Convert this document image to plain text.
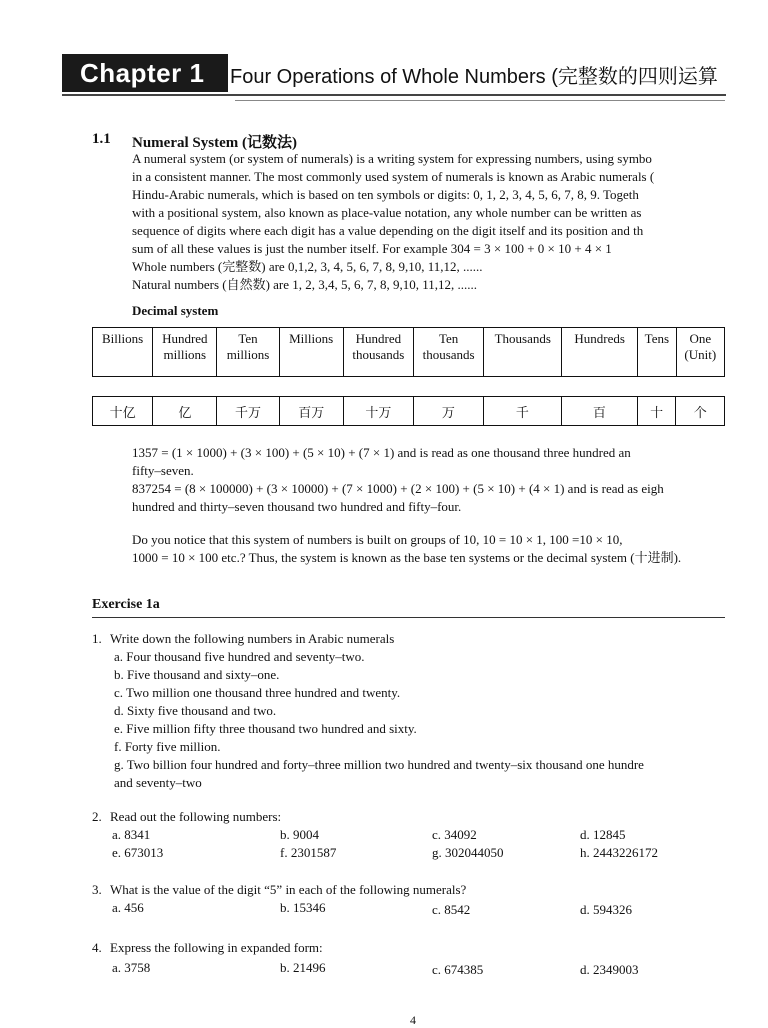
Chapter 1	Four Operations of Whole Numbers (完整数的四则运算
1.1 Numeral System (记数法)
A numeral system (or system of numerals) is a writing system for expressing numbers, using symbo
in a consistent manner. The most commonly used system of numerals is known as Arabic numerals (
Hindu-Arabic numerals, which is based on ten symbols or digits: 0, 1, 2, 3, 4, 5, 6, 7, 8, 9. Togeth
with a positional system, also known as place-value notation, any whole number can be written as
sequence of digits where each digit has a value depending on the digit itself and its position and th
sum of all these values is just the number itself. For example 304 = 3 × 100 + 0 × 10 + 4 × 1
Whole numbers (完整数) are 0,1,2, 3, 4, 5, 6, 7, 8, 9,10, 11,12, ......
Natural numbers (自然数) are 1, 2, 3,4, 5, 6, 7, 8, 9,10, 11,12, ......
Decimal system
Billions	Hundred millions	Ten millions	Millions	Hundred thousands	Ten thousands	Thousands	Hundreds	Tens	One (Unit)
十亿	亿	千万	百万	十万	万	千	百	十	个
1357 = (1 × 1000) + (3 × 100) + (5 × 10) + (7 × 1) and is read as one thousand three hundred an
fifty–seven.
837254 = (8 × 100000) + (3 × 10000) + (7 × 1000) + (2 × 100) + (5 × 10) + (4 × 1) and is read as eigh
hundred and thirty–seven thousand two hundred and fifty–four.
Do you notice that this system of numbers is built on groups of 10, 10 = 10 × 1, 100 =10 × 10,
1000 = 10 × 100 etc.? Thus, the system is known as the base ten systems or the decimal system (十进制).
Exercise 1a
1. Write down the following numbers in Arabic numerals
a. Four thousand five hundred and seventy–two.
b. Five thousand and sixty–one.
c. Two million one thousand three hundred and twenty.
d. Sixty five thousand and two.
e. Five million fifty three thousand two hundred and sixty.
f. Forty five million.
g. Two billion four hundred and forty–three million two hundred and twenty–six thousand one hundre
and seventy–two
2. Read out the following numbers:
a. 8341	b. 9004	c. 34092	d. 12845
e. 673013	f. 2301587	g. 302044050	h. 2443226172
3. What is the value of the digit “5” in each of the following numerals?
a. 456	b. 15346	c. 8542	d. 594326
4. Express the following in expanded form:
a. 3758	b. 21496	c. 674385	d. 2349003
4
